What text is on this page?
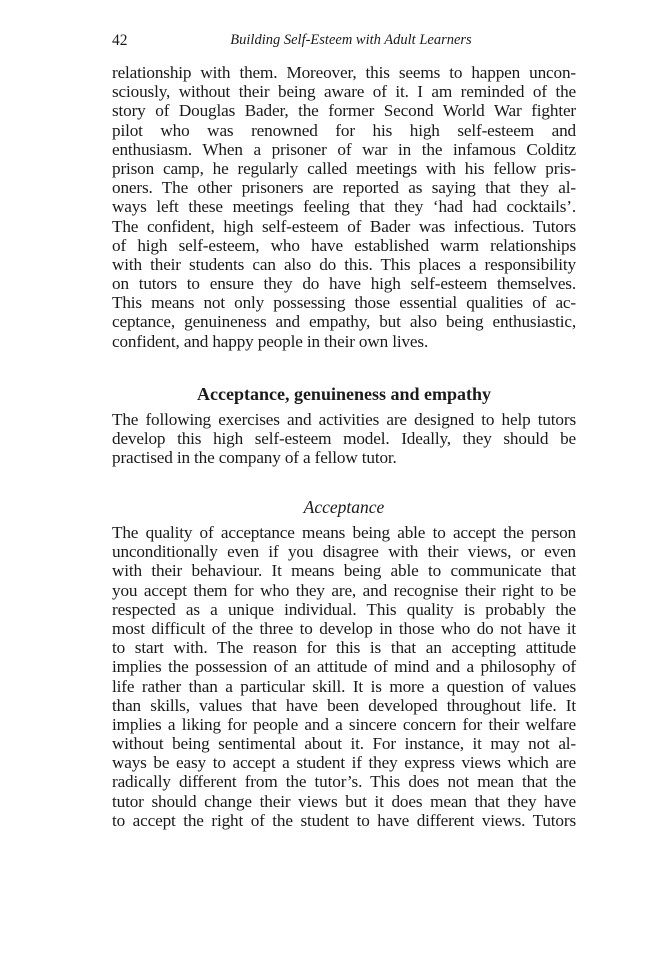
42	Building Self-Esteem with Adult Learners
relationship with them. Moreover, this seems to happen uncon-
sciously, without their being aware of it. I am reminded of the
story of Douglas Bader, the former Second World War fighter
pilot who was renowned for his high self-esteem and
enthusiasm. When a prisoner of war in the infamous Colditz
prison camp, he regularly called meetings with his fellow pris-
oners. The other prisoners are reported as saying that they al-
ways left these meetings feeling that they ‘had had cocktails’.
The confident, high self-esteem of Bader was infectious. Tutors
of high self-esteem, who have established warm relationships
with their students can also do this. This places a responsibility
on tutors to ensure they do have high self-esteem themselves.
This means not only possessing those essential qualities of ac-
ceptance, genuineness and empathy, but also being enthusiastic,
confident, and happy people in their own lives.
Acceptance, genuineness and empathy
The following exercises and activities are designed to help tutors
develop this high self-esteem model. Ideally, they should be
practised in the company of a fellow tutor.
Acceptance
The quality of acceptance means being able to accept the person
unconditionally even if you disagree with their views, or even
with their behaviour. It means being able to communicate that
you accept them for who they are, and recognise their right to be
respected as a unique individual. This quality is probably the
most difficult of the three to develop in those who do not have it
to start with. The reason for this is that an accepting attitude
implies the possession of an attitude of mind and a philosophy of
life rather than a particular skill. It is more a question of values
than skills, values that have been developed throughout life. It
implies a liking for people and a sincere concern for their welfare
without being sentimental about it. For instance, it may not al-
ways be easy to accept a student if they express views which are
radically different from the tutor’s. This does not mean that the
tutor should change their views but it does mean that they have
to accept the right of the student to have different views. Tutors
